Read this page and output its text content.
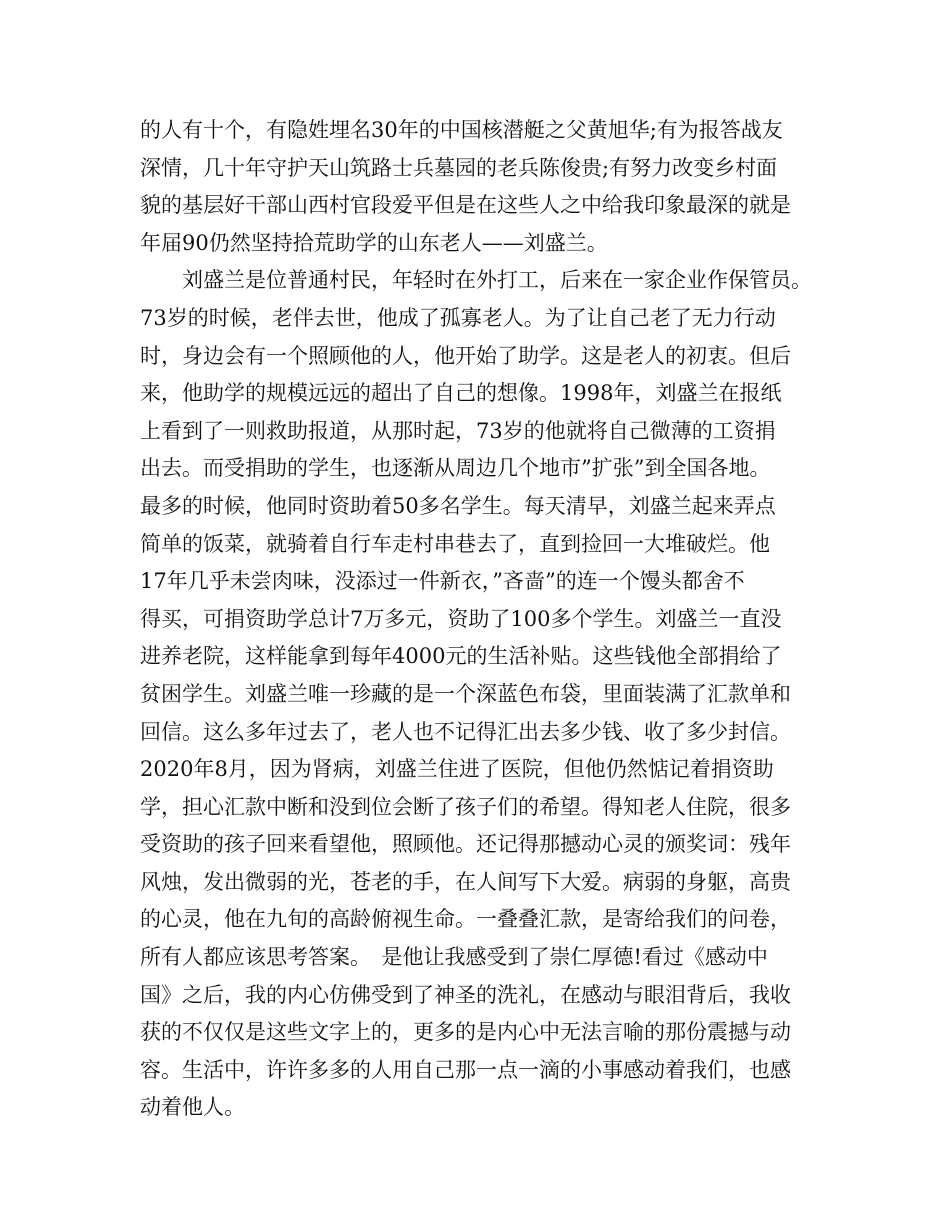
的人有十个，有隐姓埋名30年的中国核潜艇之父黄旭华;有为报答战友
深情，几十年守护天山筑路士兵墓园的老兵陈俊贵;有努力改变乡村面
貌的基层好干部山西村官段爱平但是在这些人之中给我印象最深的就是
年届90仍然坚持拾荒助学的山东老人——刘盛兰。
　　刘盛兰是位普通村民，年轻时在外打工，后来在一家企业作保管员。
73岁的时候，老伴去世，他成了孤寡老人。为了让自己老了无力行动
时，身边会有一个照顾他的人，他开始了助学。这是老人的初衷。但后
来，他助学的规模远远的超出了自己的想像。1998年，刘盛兰在报纸
上看到了一则救助报道，从那时起，73岁的他就将自己微薄的工资捐
出去。而受捐助的学生，也逐渐从周边几个地市”扩张”到全国各地。
最多的时候，他同时资助着50多名学生。每天清早，刘盛兰起来弄点
简单的饭菜，就骑着自行车走村串巷去了，直到捡回一大堆破烂。他
17年几乎未尝肉味，没添过一件新衣，”吝啬”的连一个馒头都舍不
得买，可捐资助学总计7万多元，资助了100多个学生。刘盛兰一直没
进养老院，这样能拿到每年4000元的生活补贴。这些钱他全部捐给了
贫困学生。刘盛兰唯一珍藏的是一个深蓝色布袋，里面装满了汇款单和
回信。这么多年过去了，老人也不记得汇出去多少钱、收了多少封信。
2020年8月，因为肾病，刘盛兰住进了医院，但他仍然惦记着捐资助
学，担心汇款中断和没到位会断了孩子们的希望。得知老人住院，很多
受资助的孩子回来看望他，照顾他。还记得那撼动心灵的颁奖词：残年
风烛，发出微弱的光，苍老的手，在人间写下大爱。病弱的身躯，高贵
的心灵，他在九旬的高龄俯视生命。一叠叠汇款，是寄给我们的问卷，
所有人都应该思考答案。　是他让我感受到了崇仁厚德!看过《感动中
国》之后，我的内心仿佛受到了神圣的洗礼，在感动与眼泪背后，我收
获的不仅仅是这些文字上的，更多的是内心中无法言喻的那份震撼与动
容。生活中，许许多多的人用自己那一点一滴的小事感动着我们，也感
动着他人。
